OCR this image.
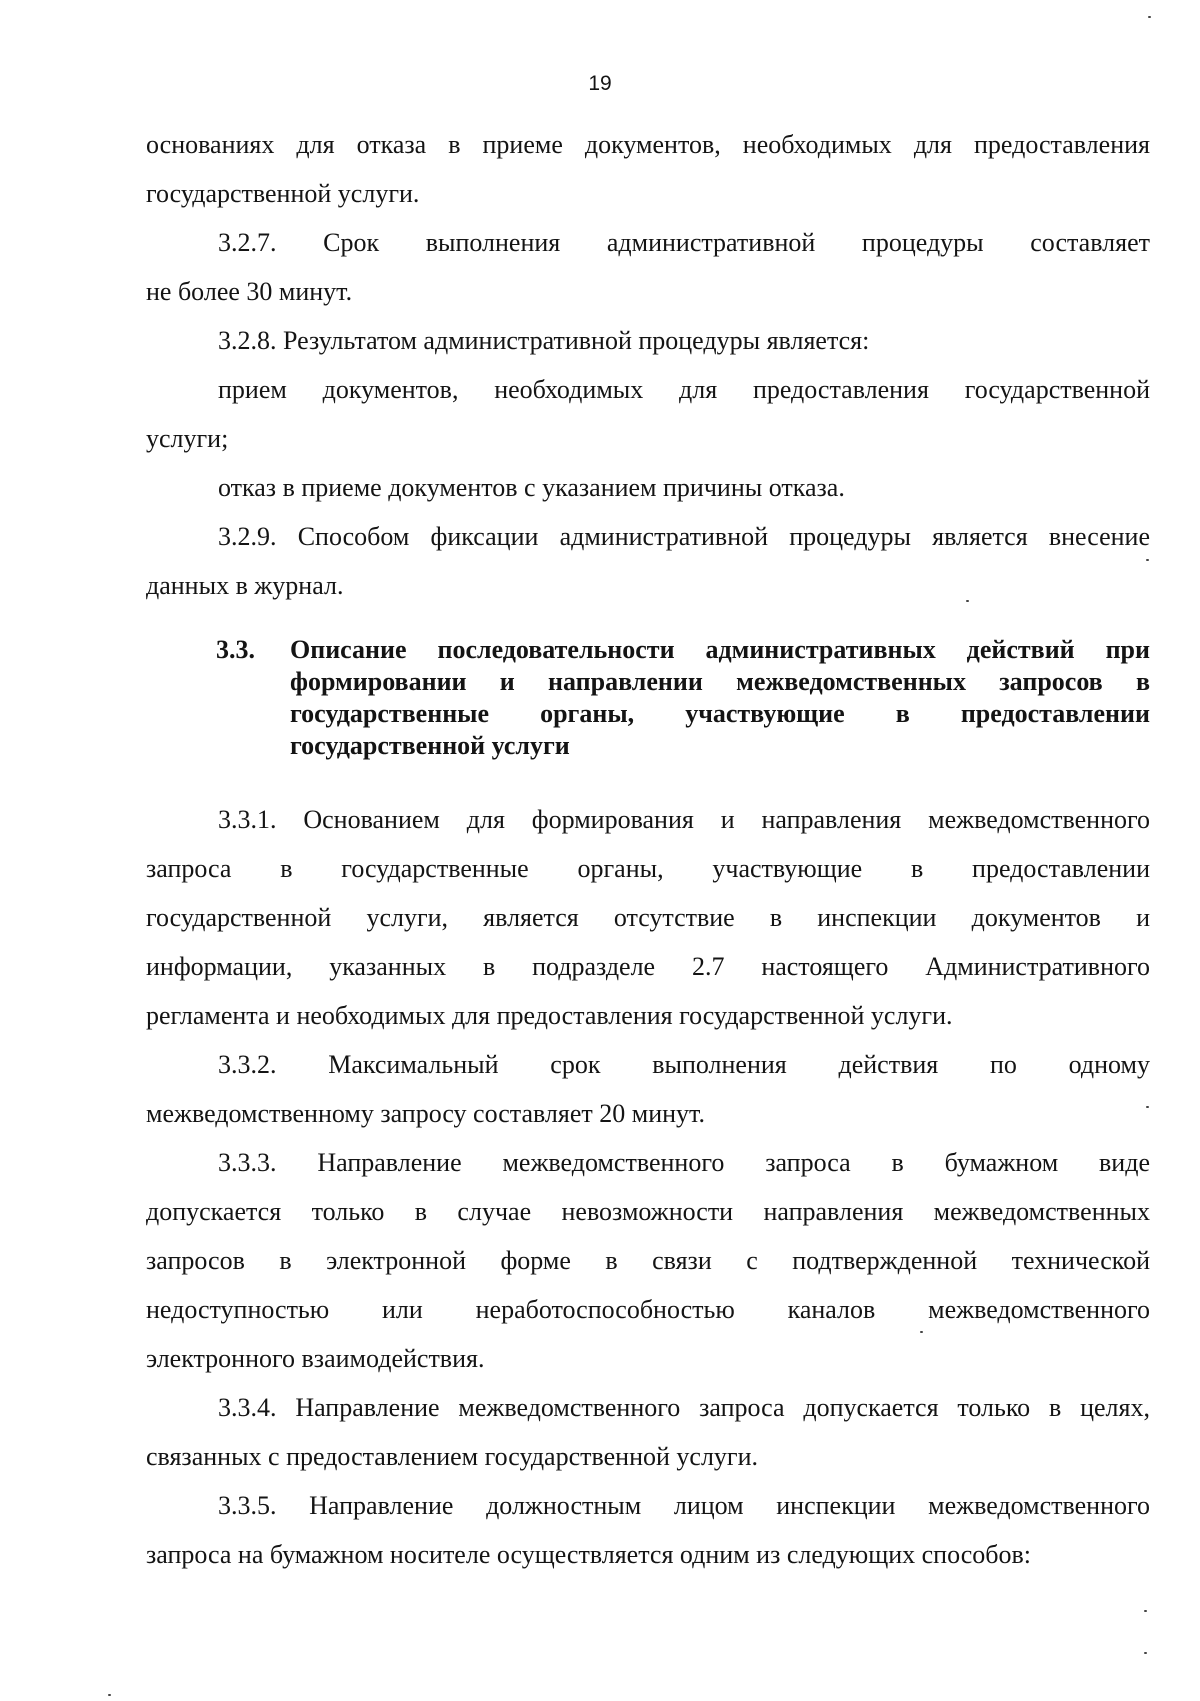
19
основаниях для отказа в приеме документов, необходимых для предоставления
государственной услуги.
3.2.7. Срок выполнения административной процедуры составляет
не более 30 минут.
3.2.8. Результатом административной процедуры является:
прием документов, необходимых для предоставления государственной
услуги;
отказ в приеме документов с указанием причины отказа.
3.2.9. Способом фиксации административной процедуры является внесение
данных в журнал.
3.3. Описание последовательности административных действий при
формировании и направлении межведомственных запросов в
государственные органы, участвующие в предоставлении
государственной услуги
3.3.1. Основанием для формирования и направления межведомственного
запроса в государственные органы, участвующие в предоставлении
государственной услуги, является отсутствие в инспекции документов и
информации, указанных в подразделе 2.7 настоящего Административного
регламента и необходимых для предоставления государственной услуги.
3.3.2. Максимальный срок выполнения действия по одному
межведомственному запросу составляет 20 минут.
3.3.3. Направление межведомственного запроса в бумажном виде
допускается только в случае невозможности направления межведомственных
запросов в электронной форме в связи с подтвержденной технической
недоступностью или неработоспособностью каналов межведомственного
электронного взаимодействия.
3.3.4. Направление межведомственного запроса допускается только в целях,
связанных с предоставлением государственной услуги.
3.3.5. Направление должностным лицом инспекции межведомственного
запроса на бумажном носителе осуществляется одним из следующих способов:
